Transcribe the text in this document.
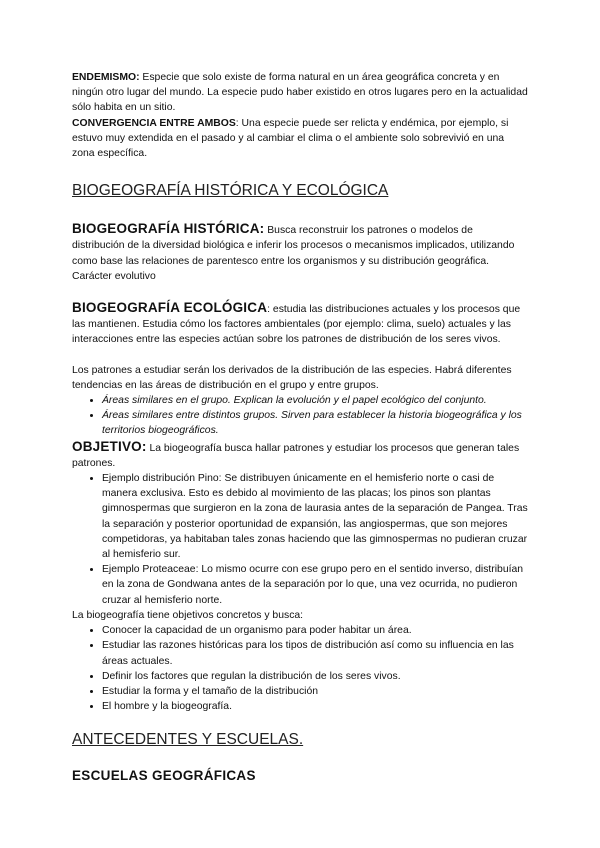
ENDEMISMO: Especie que solo existe de forma natural en un área geográfica concreta y en ningún otro lugar del mundo. La especie pudo haber existido en otros lugares pero en la actualidad sólo habita en un sitio.

CONVERGENCIA ENTRE AMBOS: Una especie puede ser relicta y endémica, por ejemplo, si estuvo muy extendida en el pasado y al cambiar el clima o el ambiente solo sobrevivió en una zona específica.

BIOGEOGRAFÍA HISTÓRICA Y ECOLÓGICA

BIOGEOGRAFÍA HISTÓRICA: Busca reconstruir los patrones o modelos de distribución de la diversidad biológica e inferir los procesos o mecanismos implicados, utilizando como base las relaciones de parentesco entre los organismos y su distribución geográfica. Carácter evolutivo

BIOGEOGRAFÍA ECOLÓGICA: estudia las distribuciones actuales y los procesos que las mantienen. Estudia cómo los factores ambientales (por ejemplo: clima, suelo) actuales y las interacciones entre las especies actúan sobre los patrones de distribución de los seres vivos.

Los patrones a estudiar serán los derivados de la distribución de las especies. Habrá diferentes tendencias en las áreas de distribución en el grupo y entre grupos.

• Áreas similares en el grupo. Explican la evolución y el papel ecológico del conjunto.
• Áreas similares entre distintos grupos. Sirven para establecer la historia biogeográfica y los territorios biogeográficos.

OBJETIVO: La biogeografía busca hallar patrones y estudiar los procesos que generan tales patrones.

• Ejemplo distribución Pino: Se distribuyen únicamente en el hemisferio norte o casi de manera exclusiva. Esto es debido al movimiento de las placas; los pinos son plantas gimnospermas que surgieron en la zona de laurasia antes de la separación de Pangea. Tras la separación y posterior oportunidad de expansión, las angiospermas, que son mejores competidoras, ya habitaban tales zonas haciendo que las gimnospermas no pudieran cruzar al hemisferio sur.
• Ejemplo Proteaceae: Lo mismo ocurre con ese grupo pero en el sentido inverso, distribuían en la zona de Gondwana antes de la separación por lo que, una vez ocurrida, no pudieron cruzar al hemisferio norte.

La biogeografía tiene objetivos concretos y busca:

• Conocer la capacidad de un organismo para poder habitar un área.
• Estudiar las razones históricas para los tipos de distribución así como su influencia en las áreas actuales.
• Definir los factores que regulan la distribución de los seres vivos.
• Estudiar la forma y el tamaño de la distribución
• El hombre y la biogeografía.
ANTECEDENTES Y ESCUELAS.
ESCUELAS GEOGRÁFICAS
